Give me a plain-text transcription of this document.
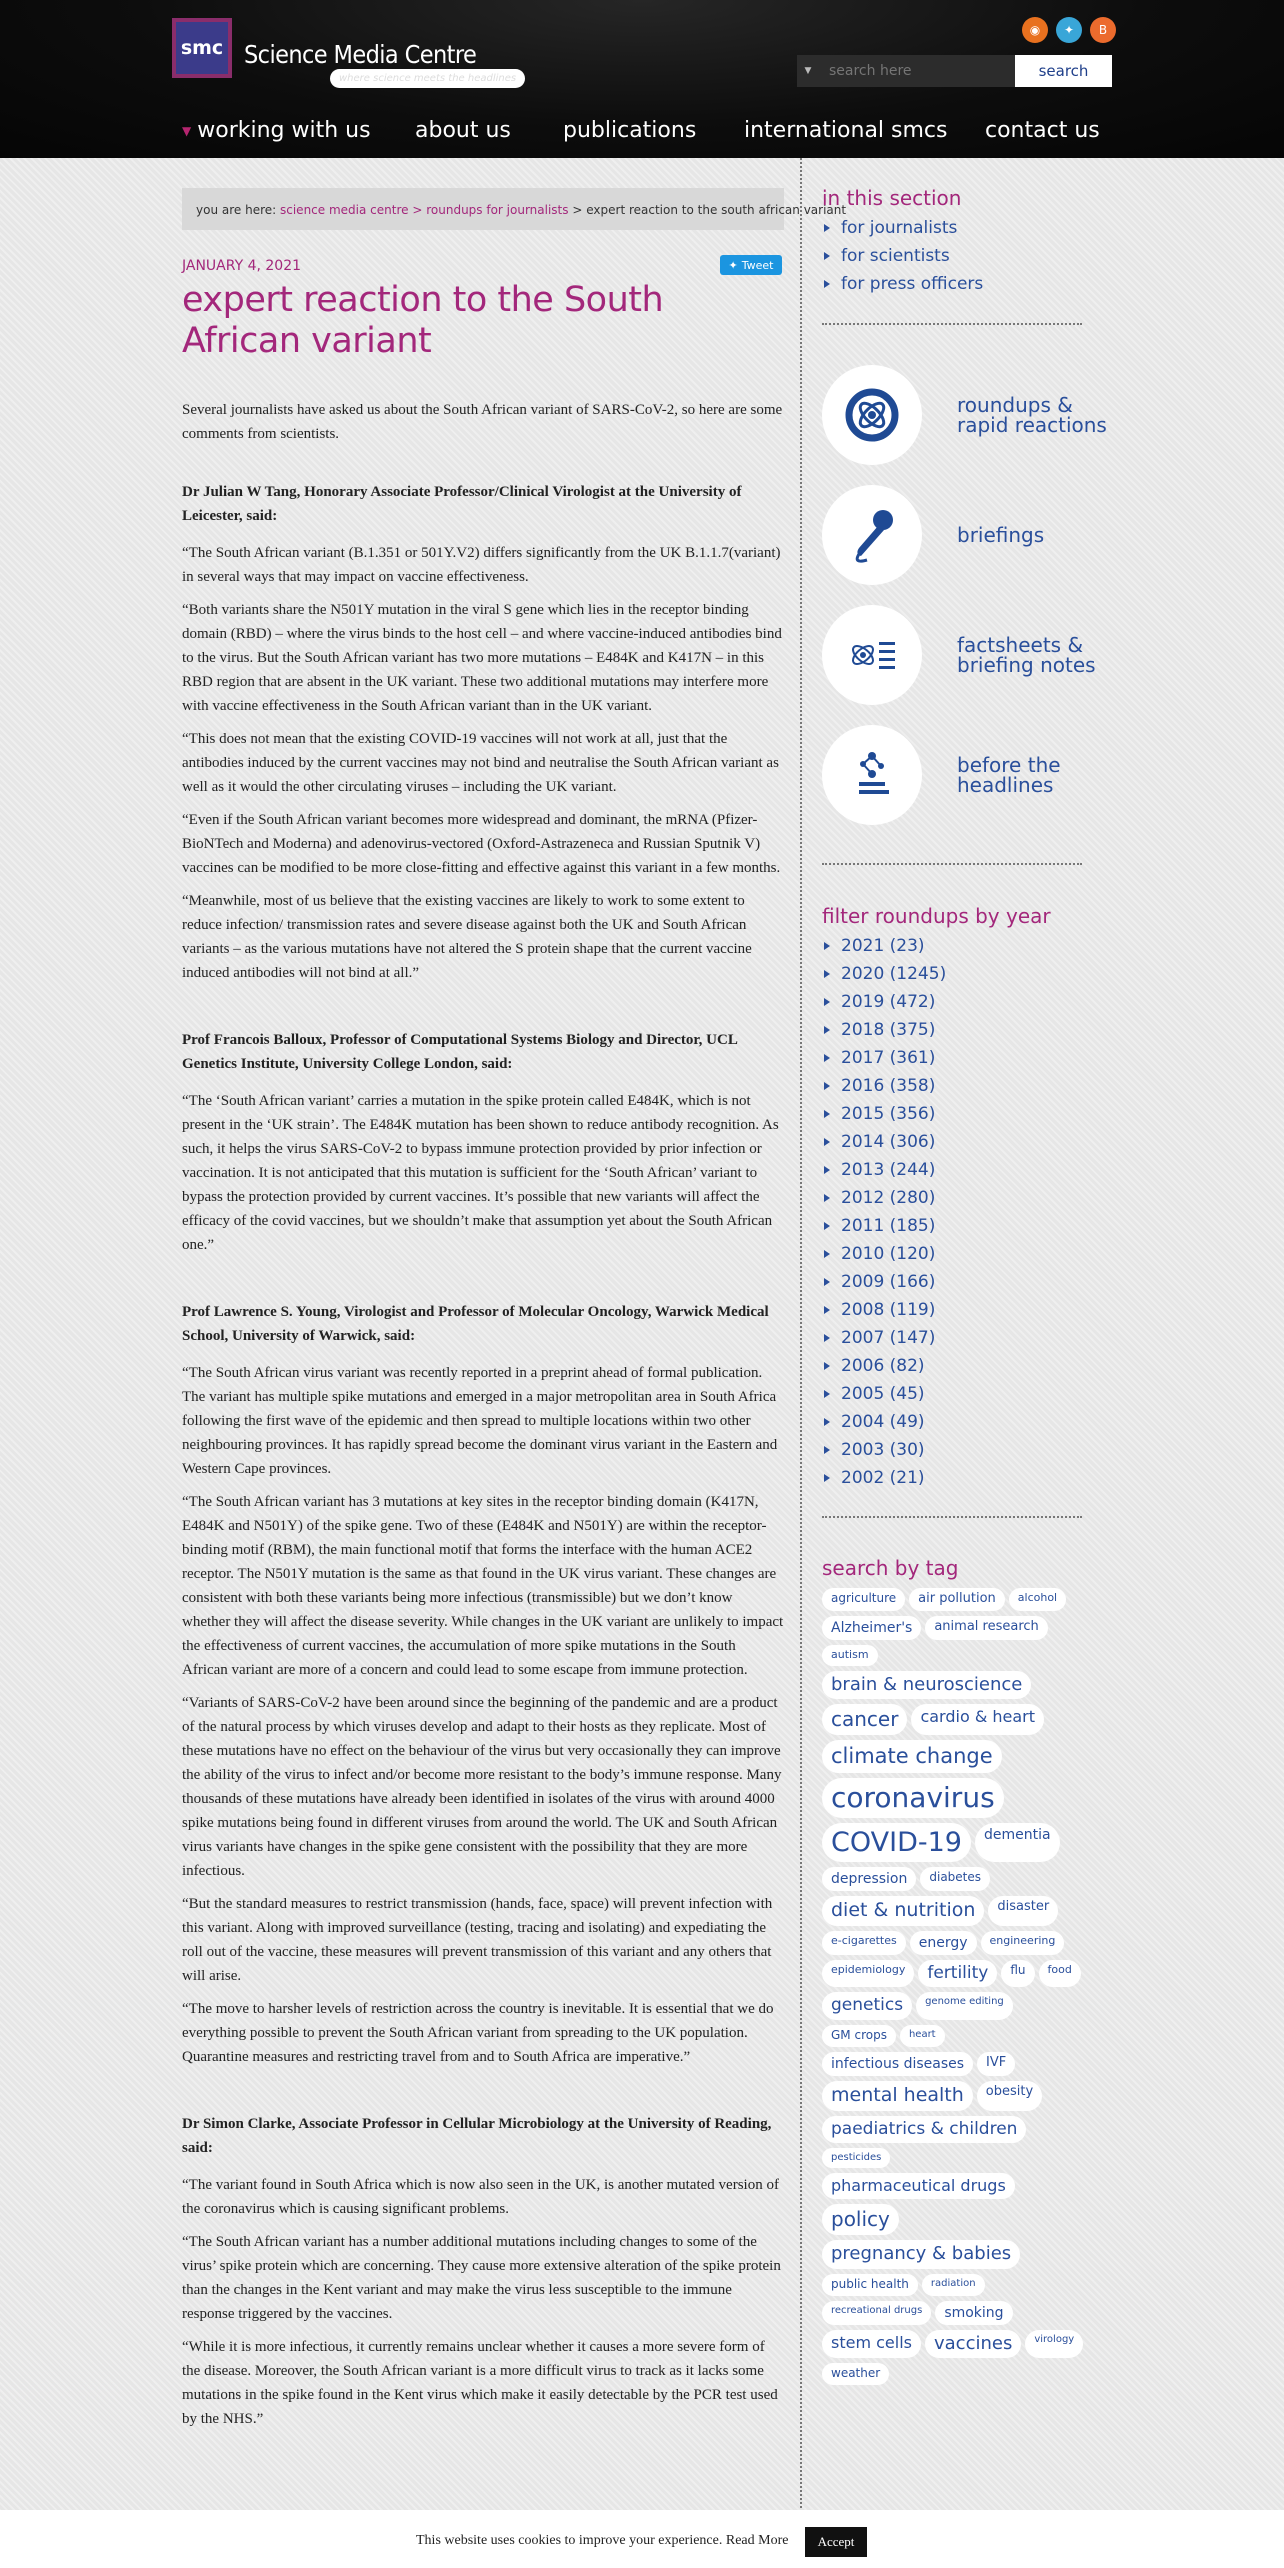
smc Science Media Centre
where science meets the headlines
◉	✦	B
▼
search here	search
▼ working with us about us publications international smcs contact us
you are here: science media centre > roundups for journalists > expert reaction to the south african variant
JANUARY 4, 2021	✦ Tweet
expert reaction to the South African variant

Several journalists have asked us about the South African variant of SARS-CoV-2, so here are some comments from scientists.

Dr Julian W Tang, Honorary Associate Professor/Clinical Virologist at the University of Leicester, said:

“The South African variant (B.1.351 or 501Y.V2) differs significantly from the UK B.1.1.7(variant) in several ways that may impact on vaccine effectiveness.

“Both variants share the N501Y mutation in the viral S gene which lies in the receptor binding domain (RBD) – where the virus binds to the host cell – and where vaccine-induced antibodies bind to the virus. But the South African variant has two more mutations – E484K and K417N – in this RBD region that are absent in the UK variant. These two additional mutations may interfere more with vaccine effectiveness in the South African variant than in the UK variant.

“This does not mean that the existing COVID-19 vaccines will not work at all, just that the antibodies induced by the current vaccines may not bind and neutralise the South African variant as well as it would the other circulating viruses – including the UK variant.

“Even if the South African variant becomes more widespread and dominant, the mRNA (Pfizer-BioNTech and Moderna) and adenovirus-vectored (Oxford-Astrazeneca and Russian Sputnik V) vaccines can be modified to be more close-fitting and effective against this variant in a few months.

“Meanwhile, most of us believe that the existing vaccines are likely to work to some extent to reduce infection/ transmission rates and severe disease against both the UK and South African variants – as the various mutations have not altered the S protein shape that the current vaccine induced antibodies will not bind at all.”

Prof Francois Balloux, Professor of Computational Systems Biology and Director, UCL Genetics Institute, University College London, said:

“The ‘South African variant’ carries a mutation in the spike protein called E484K, which is not present in the ‘UK strain’. The E484K mutation has been shown to reduce antibody recognition. As such, it helps the virus SARS-CoV-2 to bypass immune protection provided by prior infection or vaccination. It is not anticipated that this mutation is sufficient for the ‘South African’ variant to bypass the protection provided by current vaccines. It’s possible that new variants will affect the efficacy of the covid vaccines, but we shouldn’t make that assumption yet about the South African one.”

Prof Lawrence S. Young, Virologist and Professor of Molecular Oncology, Warwick Medical School, University of Warwick, said:

“The South African virus variant was recently reported in a preprint ahead of formal publication. The variant has multiple spike mutations and emerged in a major metropolitan area in South Africa following the first wave of the epidemic and then spread to multiple locations within two other neighbouring provinces. It has rapidly spread become the dominant virus variant in the Eastern and Western Cape provinces.

“The South African variant has 3 mutations at key sites in the receptor binding domain (K417N, E484K and N501Y) of the spike gene. Two of these (E484K and N501Y) are within the receptor-binding motif (RBM), the main functional motif that forms the interface with the human ACE2 receptor. The N501Y mutation is the same as that found in the UK virus variant. These changes are consistent with both these variants being more infectious (transmissible) but we don’t know whether they will affect the disease severity. While changes in the UK variant are unlikely to impact the effectiveness of current vaccines, the accumulation of more spike mutations in the South African variant are more of a concern and could lead to some escape from immune protection.

“Variants of SARS-CoV-2 have been around since the beginning of the pandemic and are a product of the natural process by which viruses develop and adapt to their hosts as they replicate. Most of these mutations have no effect on the behaviour of the virus but very occasionally they can improve the ability of the virus to infect and/or become more resistant to the body’s immune response. Many thousands of these mutations have already been identified in isolates of the virus with around 4000 spike mutations being found in different viruses from around the world. The UK and South African virus variants have changes in the spike gene consistent with the possibility that they are more infectious.

“But the standard measures to restrict transmission (hands, face, space) will prevent infection with this variant. Along with improved surveillance (testing, tracing and isolating) and expediating the roll out of the vaccine, these measures will prevent transmission of this variant and any others that will arise.

“The move to harsher levels of restriction across the country is inevitable. It is essential that we do everything possible to prevent the South African variant from spreading to the UK population. Quarantine measures and restricting travel from and to South Africa are imperative.”

Dr Simon Clarke, Associate Professor in Cellular Microbiology at the University of Reading, said:

“The variant found in South Africa which is now also seen in the UK, is another mutated version of the coronavirus which is causing significant problems.

“The South African variant has a number additional mutations including changes to some of the virus’ spike protein which are concerning. They cause more extensive alteration of the spike protein than the changes in the Kent variant and may make the virus less susceptible to the immune response triggered by the vaccines.

“While it is more infectious, it currently remains unclear whether it causes a more severe form of the disease. Moreover, the South African variant is a more difficult virus to track as it lacks some mutations in the spike found in the Kent virus which make it easily detectable by the PCR test used by the NHS.”

in this section
for journalists
for scientists
for press officers
roundups &
rapid reactions
briefings
factsheets &
briefing notes
before the
headlines
filter roundups by year
2021 (23)
2020 (1245)
2019 (472)
2018 (375)
2017 (361)
2016 (358)
2015 (356)
2014 (306)
2013 (244)
2012 (280)
2011 (185)
2010 (120)
2009 (166)
2008 (119)
2007 (147)
2006 (82)
2005 (45)
2004 (49)
2003 (30)
2002 (21)
search by tag
agriculture	air pollution	alcohol
Alzheimer's	animal research
autism
brain & neuroscience
cancer	cardio & heart
climate change
coronavirus
COVID-19	dementia
depression	diabetes
diet & nutrition	disaster
e-cigarettes	energy	engineering
epidemiology	fertility	flu	food
genetics	genome editing
GM crops	heart
infectious diseases	IVF
mental health	obesity
paediatrics & children
pesticides
pharmaceutical drugs
policy
pregnancy & babies
public health	radiation
recreational drugs	smoking
stem cells	vaccines	virology
weather
This website uses cookies to improve your experience. Read More	Accept
